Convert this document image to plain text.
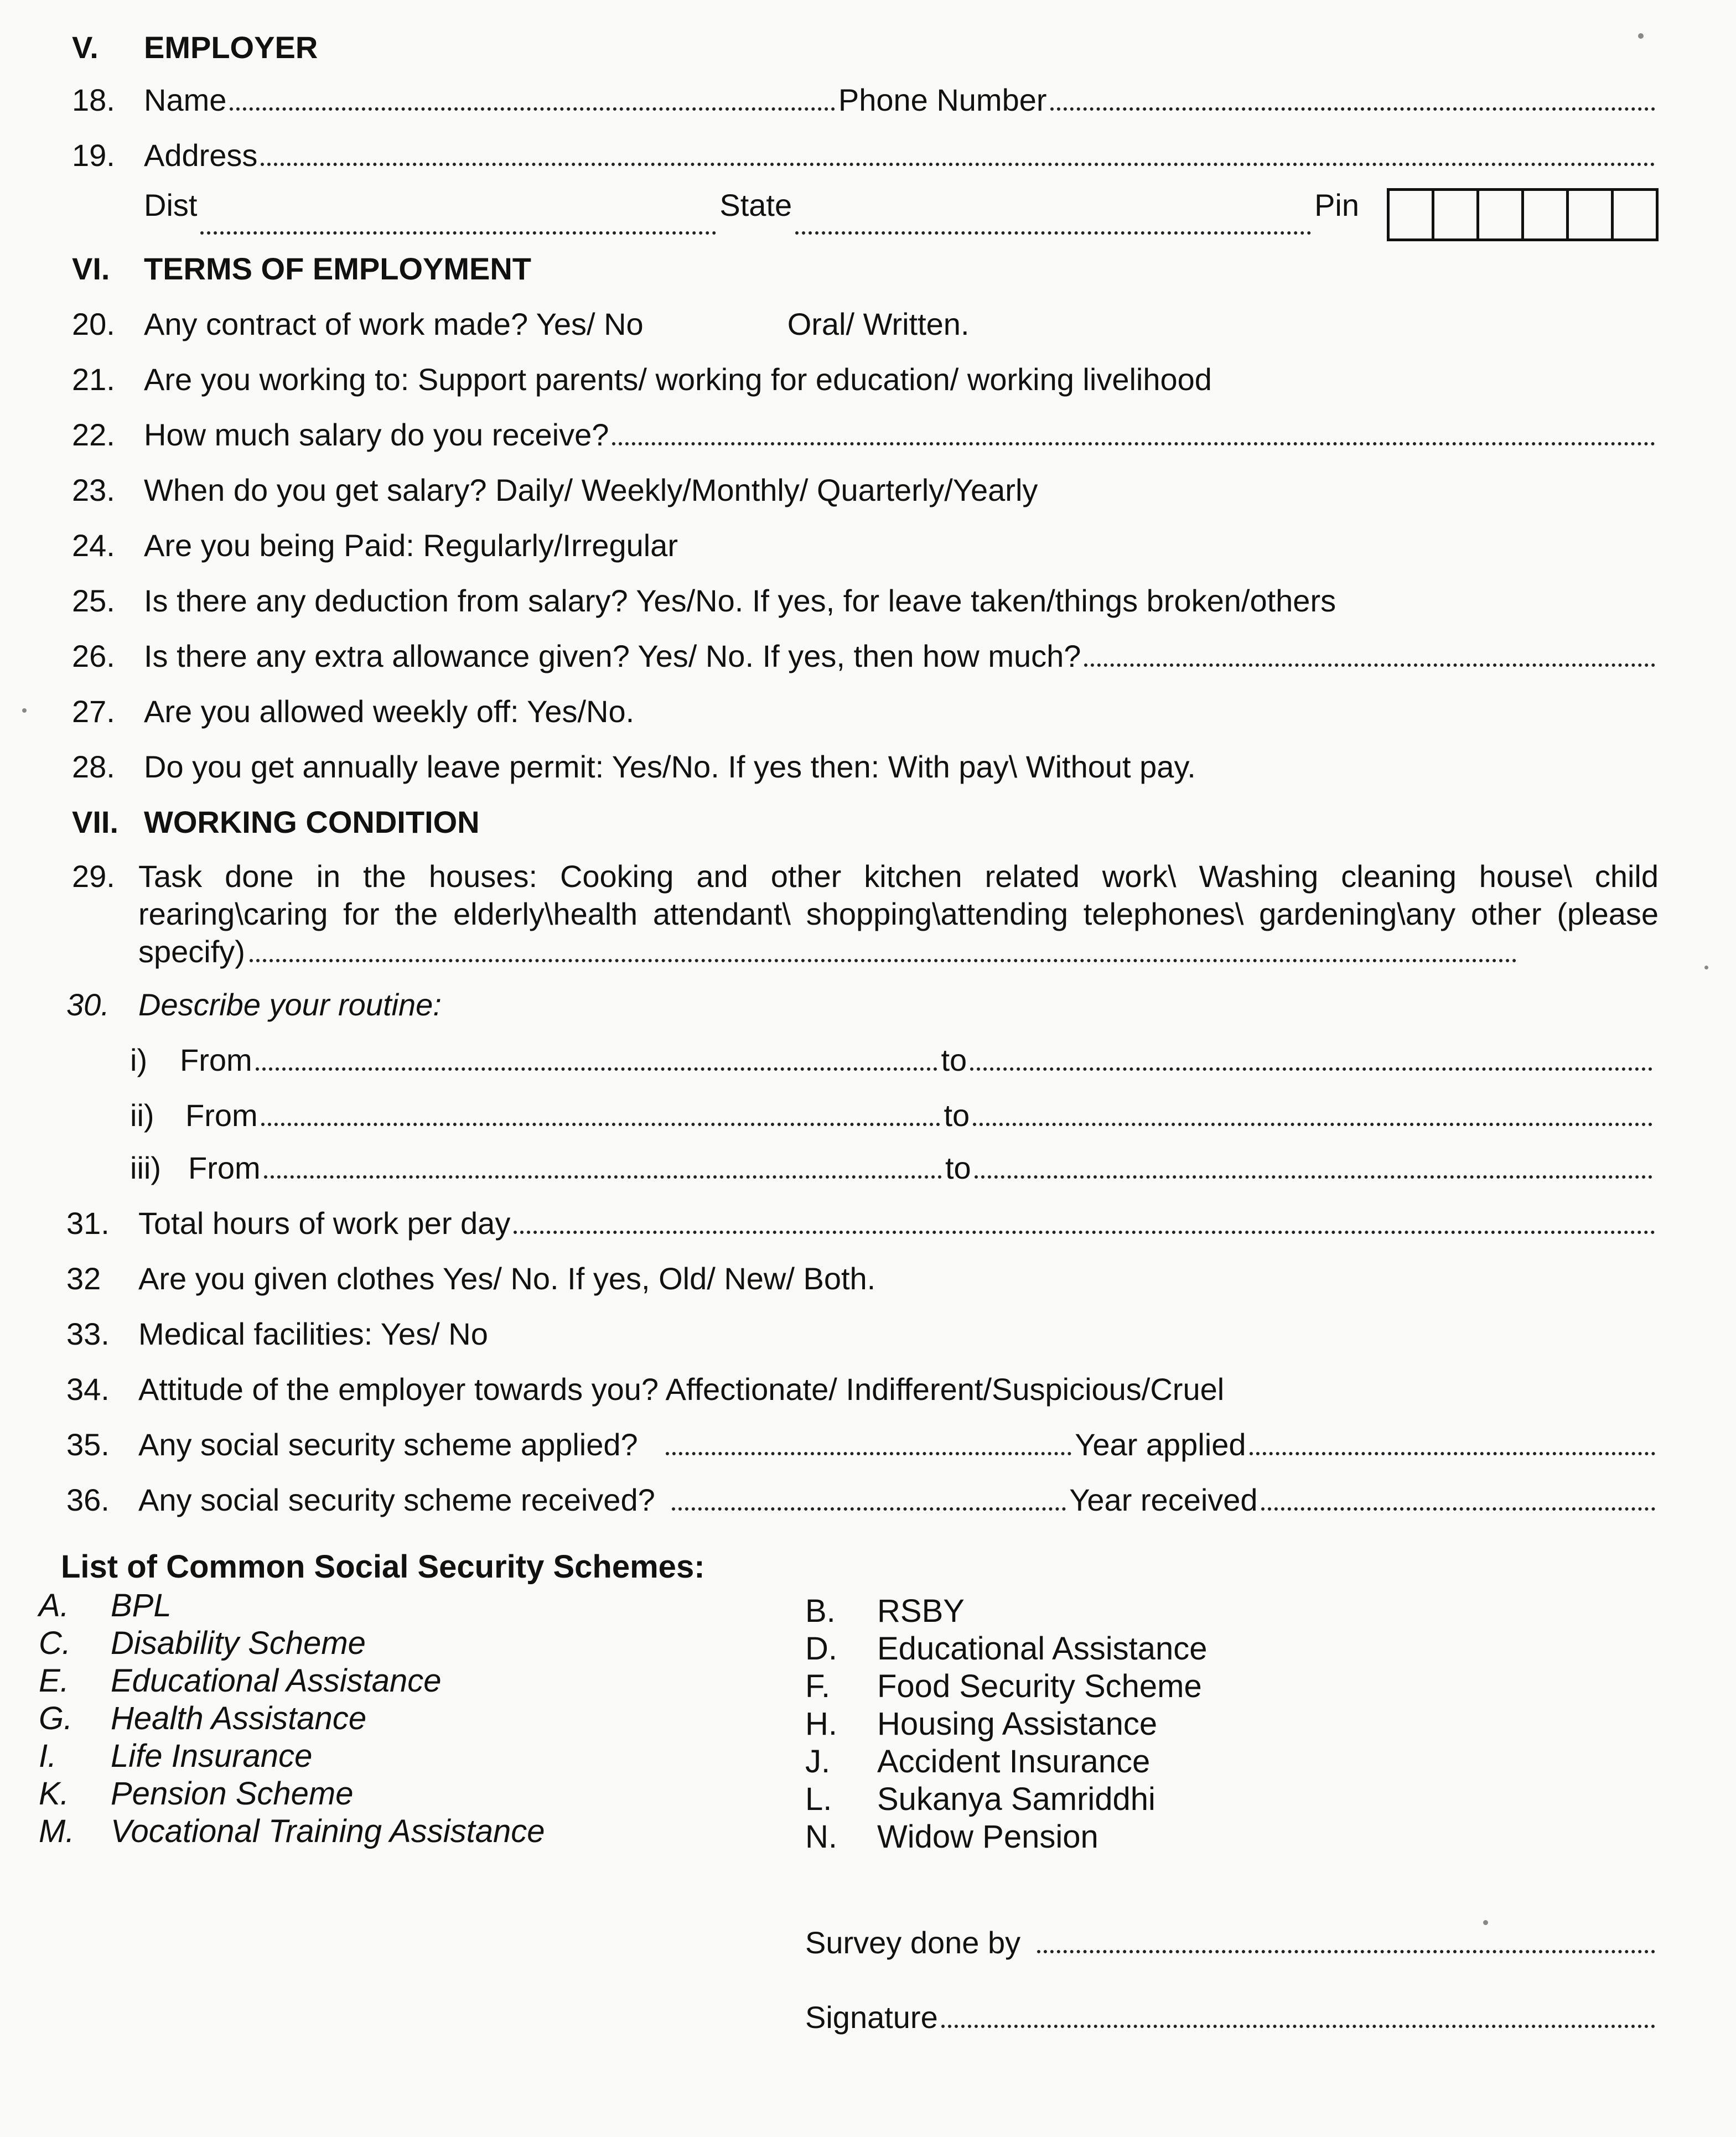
V.	EMPLOYER
18. Name	Phone Number
19. Address
Dist	State	Pin
VI.	TERMS OF EMPLOYMENT
20. Any contract of work made? Yes/ No	Oral/ Written.
21. Are you working to: Support parents/ working for education/ working livelihood
22. How much salary do you receive?
23. When do you get salary? Daily/ Weekly/Monthly/ Quarterly/Yearly
24. Are you being Paid: Regularly/Irregular
25. Is there any deduction from salary? Yes/No. If yes, for leave taken/things broken/others
26. Is there any extra allowance given? Yes/ No. If yes, then how much?
27. Are you allowed weekly off: Yes/No.
28. Do you get annually leave permit: Yes/No. If yes then: With pay\ Without pay.
VII. WORKING CONDITION
29. Task done in the houses: Cooking and other kitchen related work\ Washing cleaning house\ child rearing\caring for the elderly\health attendant\ shopping\attending telephones\ gardening\any other (please specify)
30. Describe your routine:
i)	From	to
ii)	From	to
iii) From	to
31. Total hours of work per day
32	Are you given clothes Yes/ No. If yes, Old/ New/ Both.
33. Medical facilities: Yes/ No
34. Attitude of the employer towards you? Affectionate/ Indifferent/Suspicious/Cruel
35. Any social security scheme applied?	Year applied
36. Any social security scheme received?	Year received
List of Common Social Security Schemes:
A.	BPL
C.	Disability Scheme
E.	Educational Assistance
G.	Health Assistance
I.	Life Insurance
K.	Pension Scheme
M.	Vocational Training Assistance
B.	RSBY
D.	Educational Assistance
F.	Food Security Scheme
H.	Housing Assistance
J.	Accident Insurance
L.	Sukanya Samriddhi
N.	Widow Pension
Survey done by
Signature
